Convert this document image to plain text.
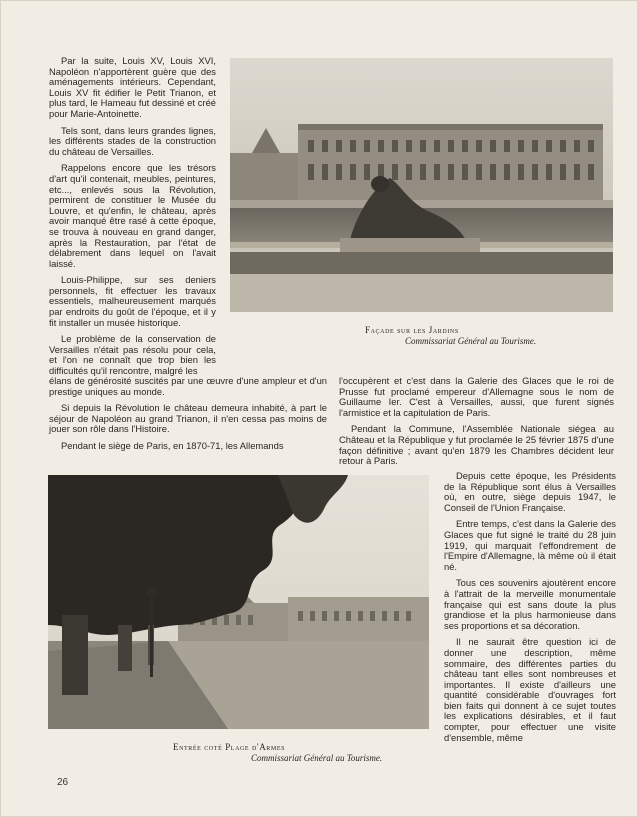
Par la suite, Louis XV, Louis XVI, Napoléon n'apportèrent guère que des aménagements intérieurs. Cependant, Louis XV fit édifier le Petit Trianon, et plus tard, le Hameau fut dessiné et créé pour Marie-Antoinette.

Tels sont, dans leurs grandes lignes, les différents stades de la construction du château de Versailles.

Rappelons encore que les trésors d'art qu'il contenait, meubles, peintures, etc..., enlevés sous la Révolution, permirent de constituer le Musée du Louvre, et qu'enfin, le château, après avoir manqué être rasé à cette époque, se trouva à nouveau en grand danger, après la Restauration, par l'état de délabrement dans lequel on l'avait laissé.

Louis-Philippe, sur ses deniers personnels, fit effectuer les travaux essentiels, malheureusement marqués par endroits du goût de l'époque, et il y fit installer un musée historique.

Le problème de la conservation de Versailles n'était pas résolu pour cela, et l'on ne connaît que trop bien les difficultés qu'il rencontre, malgré les

Façade sur les Jardins
Commissariat Général au Tourisme.

élans de générosité suscités par une œuvre d'une ampleur et d'un prestige uniques au monde.

Si depuis la Révolution le château demeura inhabité, à part le séjour de Napoléon au grand Trianon, il n'en cessa pas moins de jouer son rôle dans l'Histoire.

Pendant le siège de Paris, en 1870-71, les Allemands

l'occupèrent et c'est dans la Galerie des Glaces que le roi de Prusse fut proclamé empereur d'Allemagne sous le nom de Guillaume Ier. C'est à Versailles, aussi, que furent signés l'armistice et la capitulation de Paris.

Pendant la Commune, l'Assemblée Nationale siégea au Château et la République y fut proclamée le 25 février 1875 d'une façon définitive ; avant qu'en 1879 les Chambres décident leur retour à Paris.

Depuis cette époque, les Présidents de la République sont élus à Versailles où, en outre, siège depuis 1947, le Conseil de l'Union Française.

Entre temps, c'est dans la Galerie des Glaces que fut signé le traité du 28 juin 1919, qui marquait l'effondrement de l'Empire d'Allemagne, là même où il était né.

Tous ces souvenirs ajoutèrent encore à l'attrait de la merveille monumentale française qui est sans doute la plus grandiose et la plus harmonieuse dans ses proportions et sa décoration.

Il ne saurait être question ici de donner une description, même sommaire, des différentes parties du château tant elles sont nombreuses et importantes. Il existe d'ailleurs une quantité considérable d'ouvrages fort bien faits qui donnent à ce sujet toutes les explications désirables, et il faut compter, pour effectuer une visite d'ensemble, même

Entrée coté Plage d'Armes
Commissariat Général au Tourisme.
26
